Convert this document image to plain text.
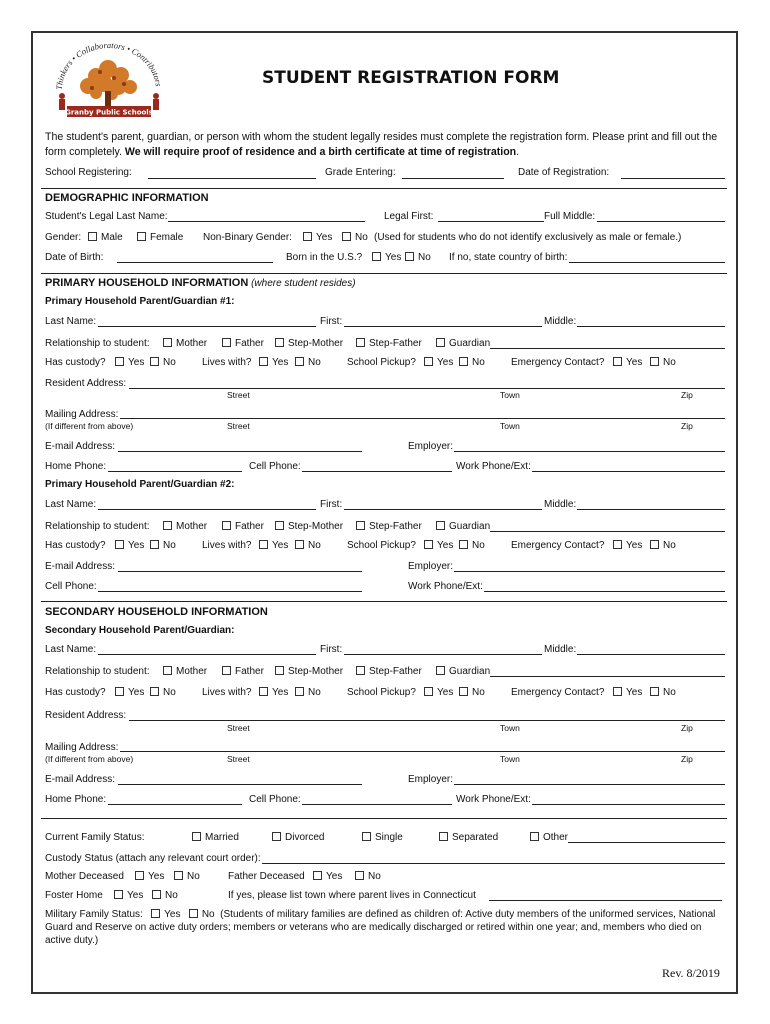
Thinkers • Collaborators • Contributors
Granby Public Schools
STUDENT REGISTRATION FORM
The student's parent, guardian, or person with whom the student legally resides must complete the registration form. Please print and fill out the form completely. We will require proof of residence and a birth certificate at time of registration.
School Registering:	Grade Entering:	Date of Registration:
DEMOGRAPHIC INFORMATION
Student's Legal Last Name:	Legal First:	Full Middle:
Gender:	Male	Female Non-Binary Gender:	Yes	No (Used for students who do not identify exclusively as male or female.)
Date of Birth:	Born in the U.S.?	Yes	No If no, state country of birth:
PRIMARY HOUSEHOLD INFORMATION (where student resides)
Primary Household Parent/Guardian #1:
Last Name:	First:	Middle:
Relationship to student:	Mother	Father	Step-Mother	Step-Father	Guardian
Has custody?	Yes	No	Lives with?	Yes	No	School Pickup?	Yes	No	Emergency Contact?	Yes	No
Resident Address:
Street	Town	Zip
Mailing Address:
(If different from above)	Street	Town	Zip
E-mail Address:	Employer:
Home Phone:	Cell Phone:	Work Phone/Ext:
Primary Household Parent/Guardian #2:
Last Name:	First:	Middle:
Relationship to student:	Mother	Father	Step-Mother	Step-Father	Guardian
Has custody?	Yes	No	Lives with?	Yes	No	School Pickup?	Yes	No	Emergency Contact?	Yes	No
E-mail Address:	Employer:
Cell Phone:	Work Phone/Ext:
SECONDARY HOUSEHOLD INFORMATION
Secondary Household Parent/Guardian:
Last Name:	First:	Middle:
Relationship to student:	Mother	Father	Step-Mother	Step-Father	Guardian
Has custody?	Yes	No	Lives with?	Yes	No	School Pickup?	Yes	No	Emergency Contact?	Yes	No
Resident Address:
Street	Town	Zip
Mailing Address:
(If different from above)	Street	Town	Zip
E-mail Address:	Employer:
Home Phone:	Cell Phone:	Work Phone/Ext:
Current Family Status:	Married	Divorced	Single	Separated	Other
Custody Status (attach any relevant court order):
Mother Deceased	Yes	No	Father Deceased	Yes	No
Foster Home	Yes	No	If yes, please list town where parent lives in Connecticut
Military Family Status: Yes No (Students of military families are defined as children of: Active duty members of the uniformed services, National Guard and Reserve on active duty orders; members or veterans who are medically discharged or retired within one year; and, members who died on active duty.)
Rev. 8/2019
